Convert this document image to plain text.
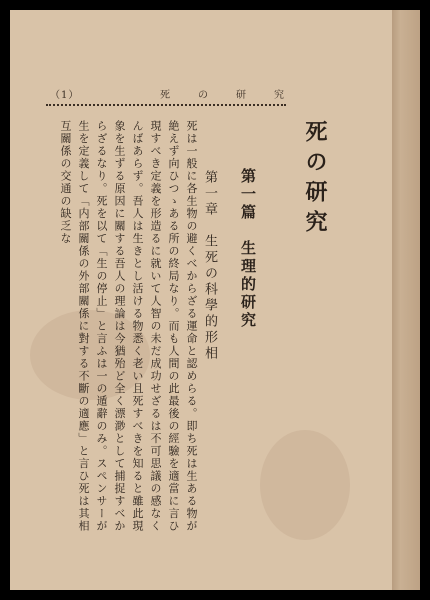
（1）	死の研究
死の研究
第一篇　生理的研究
第一章　生死の科學的形相
死は一般に各生物の避くべからざる運命と認めらる。即ち死は生ある物が絶えず向ひつゝある所の終局なり。而も人間の此最後の經驗を適當に言ひ現すべき定義を形造るに就いて人智の未だ成功せざるは不可思議の感なくんばあらず。吾人は生きとし活ける物悉く老い且死すべきを知ると雖此現象を生ずる原因に關する吾人の理論は今猶殆ど全く漂渺として捕捉すべからざるなり。死を以て「生の停止」と言ふは一の遁辭のみ。スペンサーが生を定義して「内部關係の外部關係に對する不斷の適應」と言ひ死は其相互關係の交通の缺乏な
